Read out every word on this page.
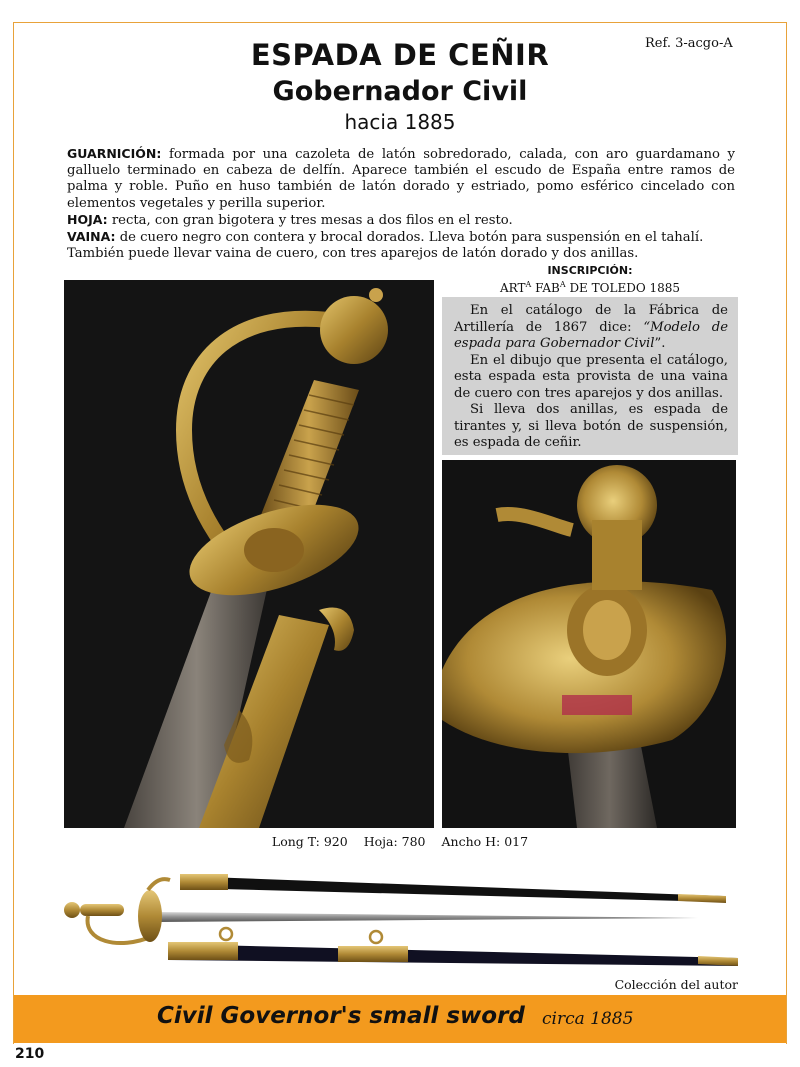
Ref. 3-acgo-A
ESPADA DE CEÑIR
Gobernador Civil
hacia 1885

GUARNICIÓN: formada por una cazoleta de latón sobredorado, calada, con aro guardamano y galluelo terminado en cabeza de delfín. Aparece también el escudo de España entre ramos de palma y roble. Puño en huso también de latón dorado y estriado, pomo esférico cincelado con elementos vegetales y perilla superior.

HOJA: recta, con gran bigotera y tres mesas a dos filos en el resto.

VAINA: de cuero negro con contera y brocal dorados. Lleva botón para suspensión en el tahalí.

También puede llevar vaina de cuero, con tres aparejos de latón dorado y dos anillas.

INSCRIPCIÓN:
$ART^A$ $FAB^A$ DE TOLEDO 1885

En el catálogo de la Fábrica de Artillería de 1867 dice: “Modelo de espada para Gobernador Civil”.

En el dibujo que presenta el catálogo, esta espada esta provista de una vaina de cuero con tres aparejos y dos anillas.

Si lleva dos anillas, es espada de tirantes y, si lleva botón de suspensión, es espada de ceñir.

Long T: 920 Hoja: 780 Ancho H: 017
Colección del autor
Civil Governor's small sword circa 1885
210
